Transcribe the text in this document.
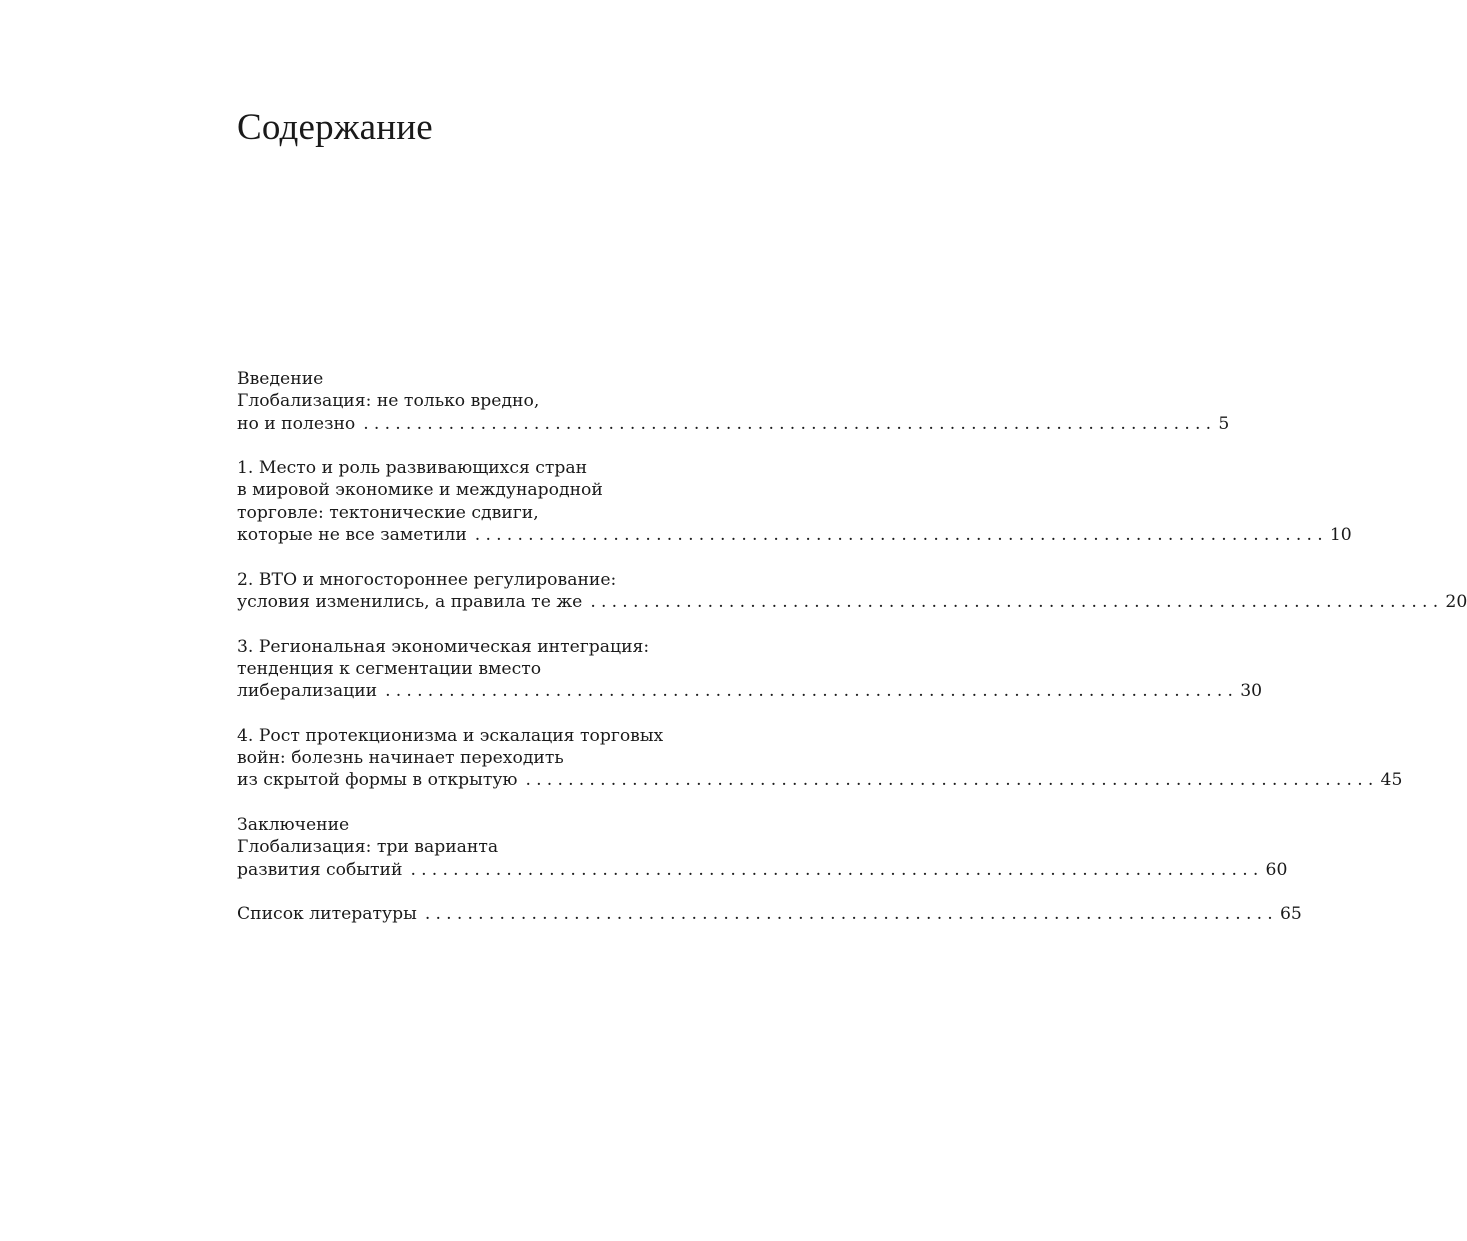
Содержание
Введение
Глобализация: не только вредно,
но и полезно ................................................................................ 5
1. Место и роль развивающихся стран
в мировой экономике и международной
торговле: тектонические сдвиги,
которые не все заметили ................................................................................ 10
2. ВТО и многостороннее регулирование:
условия изменились, а правила те же ................................................................................ 20
3. Региональная экономическая интеграция:
тенденция к сегментации вместо
либерализации ................................................................................ 30
4. Рост протекционизма и эскалация торговых
войн: болезнь начинает переходить
из скрытой формы в открытую ................................................................................ 45
Заключение
Глобализация: три варианта
развития событий ................................................................................ 60
Список литературы ................................................................................ 65
